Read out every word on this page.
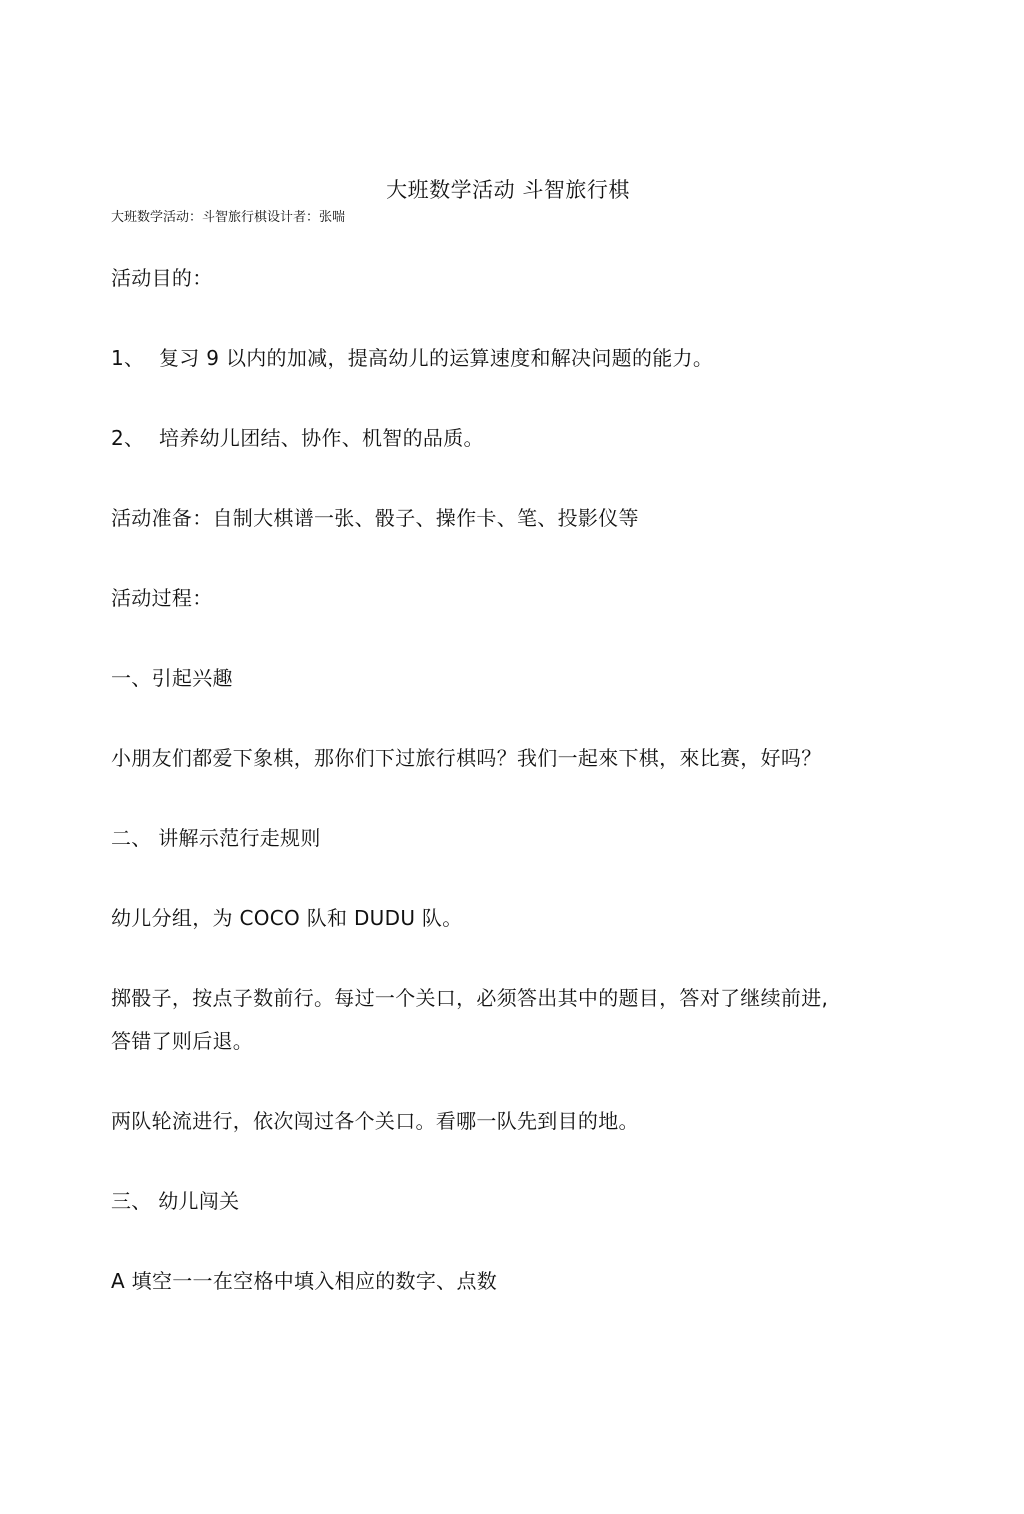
大班数学活动 斗智旅行棋
大班数学活动：斗智旅行棋设计者：张喘
活动目的：
1、 复习 9 以内的加减，提高幼儿的运算速度和解决问题的能力。
2、 培养幼儿团结、协作、机智的品质。
活动准备：自制大棋谱一张、骰子、操作卡、笔、投影仪等
活动过程：
一、引起兴趣
小朋友们都爱下象棋，那你们下过旅行棋吗？我们一起來下棋，來比赛，好吗？
二、 讲解示范行走规则
幼儿分组，为 COCO 队和 DUDU 队。
掷骰子，按点子数前行。每过一个关口，必须答出其中的题目，答对了继续前进,
答错了则后退。
两队轮流进行，依次闯过各个关口。看哪一队先到目的地。
三、 幼儿闯关
A 填空一一在空格中填入相应的数字、点数
